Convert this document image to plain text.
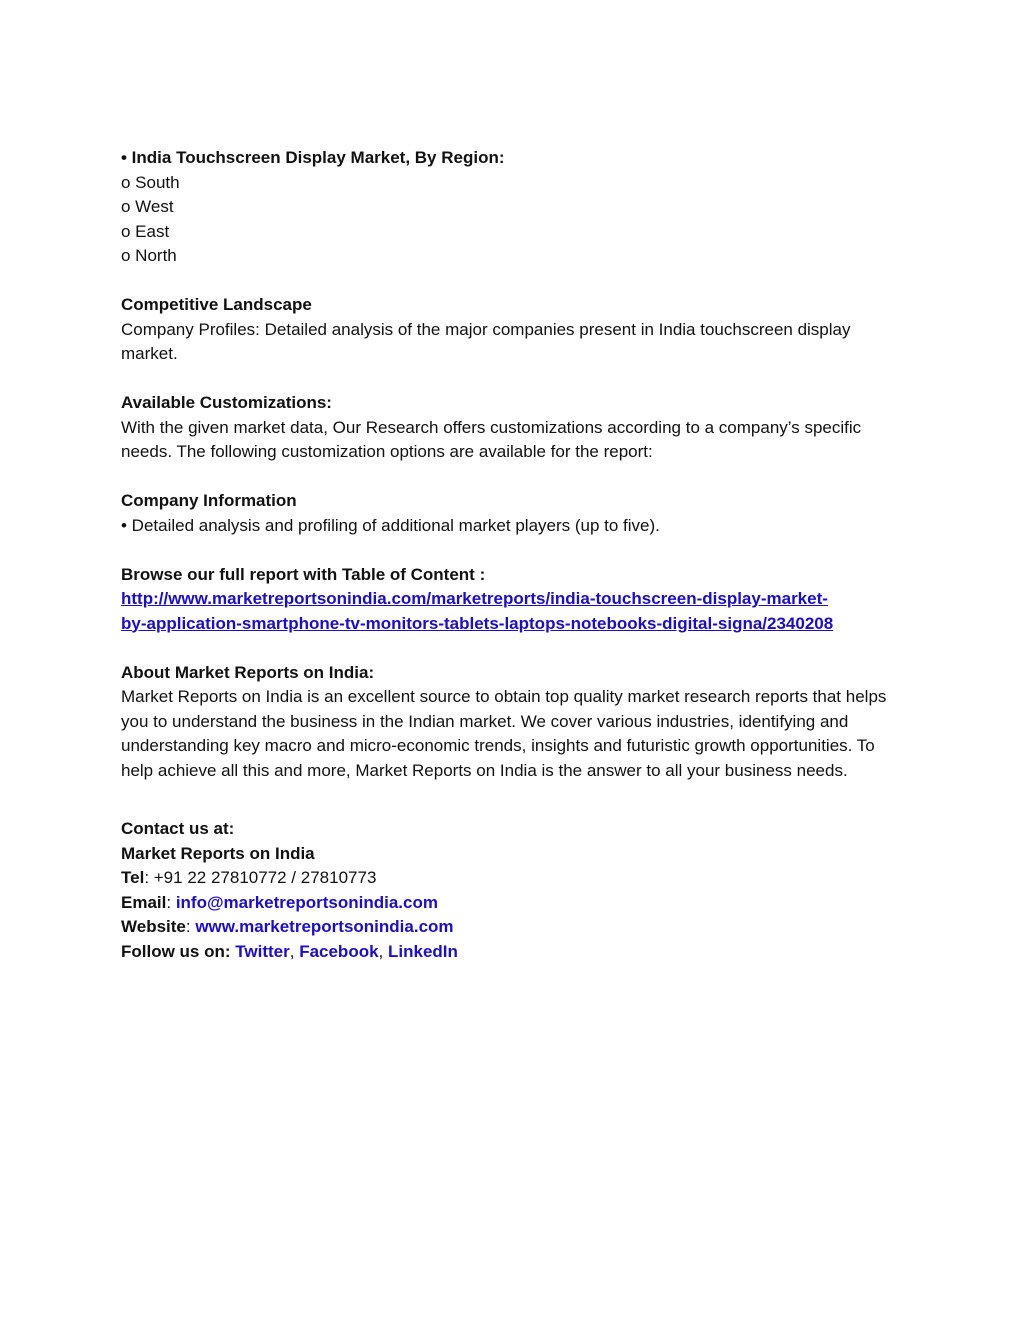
• India Touchscreen Display Market, By Region:
o South
o West
o East
o North
Competitive Landscape
Company Profiles: Detailed analysis of the major companies present in India touchscreen display market.
Available Customizations:
With the given market data, Our Research offers customizations according to a company’s specific needs. The following customization options are available for the report:
Company Information
• Detailed analysis and profiling of additional market players (up to five).
Browse our full report with Table of Content :
http://www.marketreportsonindia.com/marketreports/india-touchscreen-display-market-
by-application-smartphone-tv-monitors-tablets-laptops-notebooks-digital-signa/2340208
About Market Reports on India:
Market Reports on India is an excellent source to obtain top quality market research reports that helps you to understand the business in the Indian market. We cover various industries, identifying and understanding key macro and micro-economic trends, insights and futuristic growth opportunities. To help achieve all this and more, Market Reports on India is the answer to all your business needs.
Contact us at:
Market Reports on India
Tel: +91 22 27810772 / 27810773
Email: info@marketreportsonindia.com
Website: www.marketreportsonindia.com
Follow us on: Twitter, Facebook, LinkedIn
